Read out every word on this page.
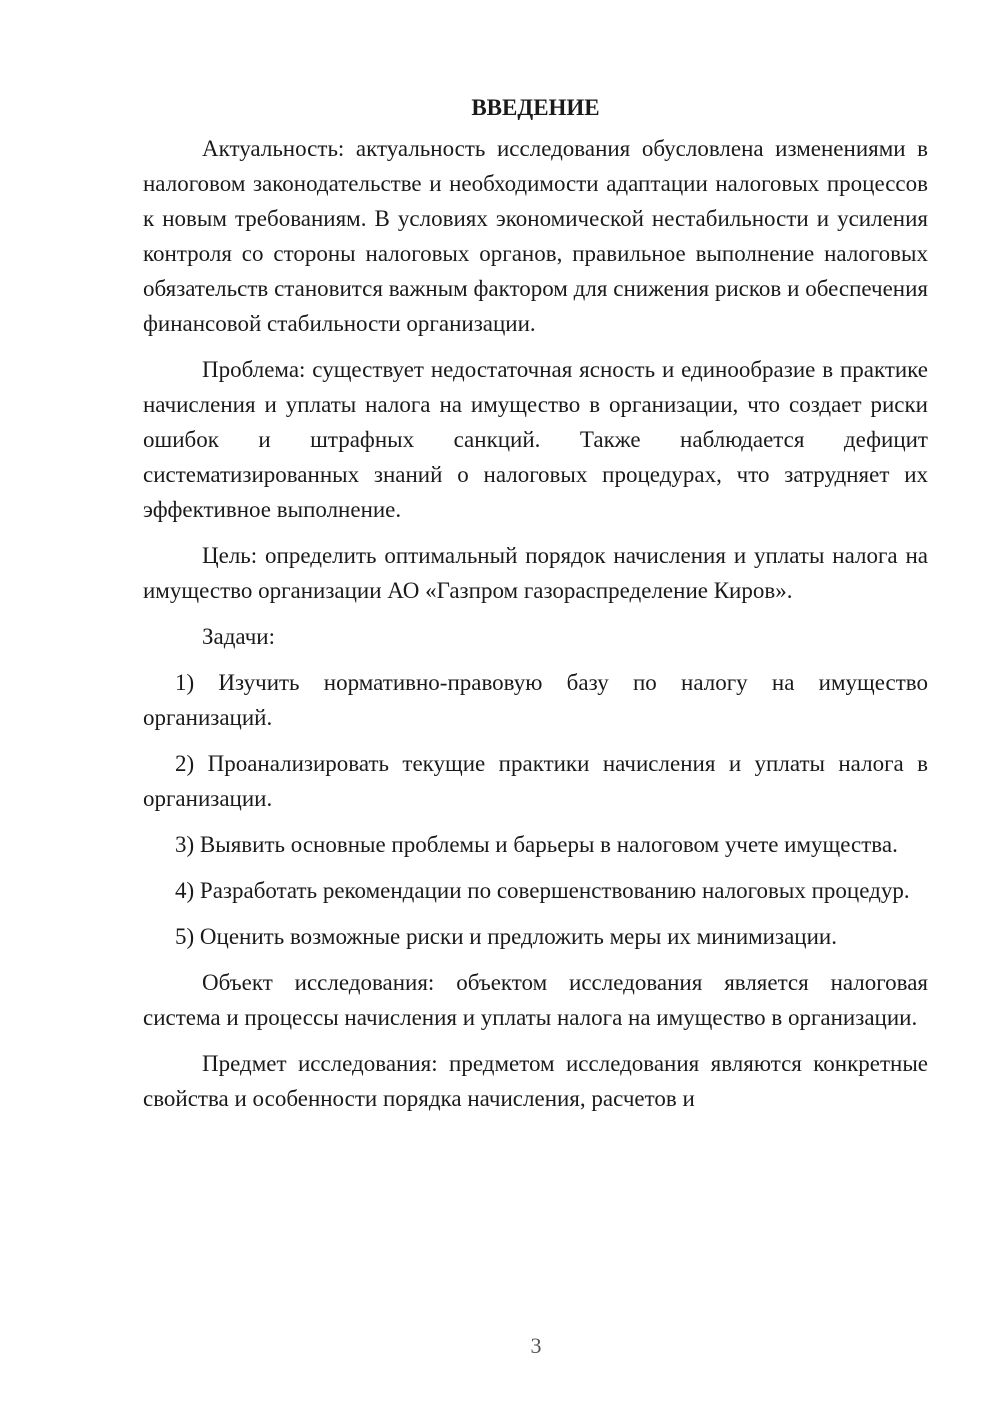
ВВЕДЕНИЕ

Актуальность: актуальность исследования обусловлена изменениями в налоговом законодательстве и необходимости адаптации налоговых процессов к новым требованиям. В условиях экономической нестабильности и усиления контроля со стороны налоговых органов, правильное выполнение налоговых обязательств становится важным фактором для снижения рисков и обеспечения финансовой стабильности организации.

Проблема: существует недостаточная ясность и единообразие в практике начисления и уплаты налога на имущество в организации, что создает риски ошибок и штрафных санкций. Также наблюдается дефицит систематизированных знаний о налоговых процедурах, что затрудняет их эффективное выполнение.

Цель: определить оптимальный порядок начисления и уплаты налога на имущество организации АО «Газпром газораспределение Киров».

Задачи:

1) Изучить нормативно-правовую базу по налогу на имущество организаций.

2) Проанализировать текущие практики начисления и уплаты налога в организации.

3) Выявить основные проблемы и барьеры в налоговом учете имущества.

4) Разработать рекомендации по совершенствованию налоговых процедур.

5) Оценить возможные риски и предложить меры их минимизации.

Объект исследования: объектом исследования является налоговая система и процессы начисления и уплаты налога на имущество в организации.

Предмет исследования: предметом исследования являются конкретные свойства и особенности порядка начисления, расчетов и

3
